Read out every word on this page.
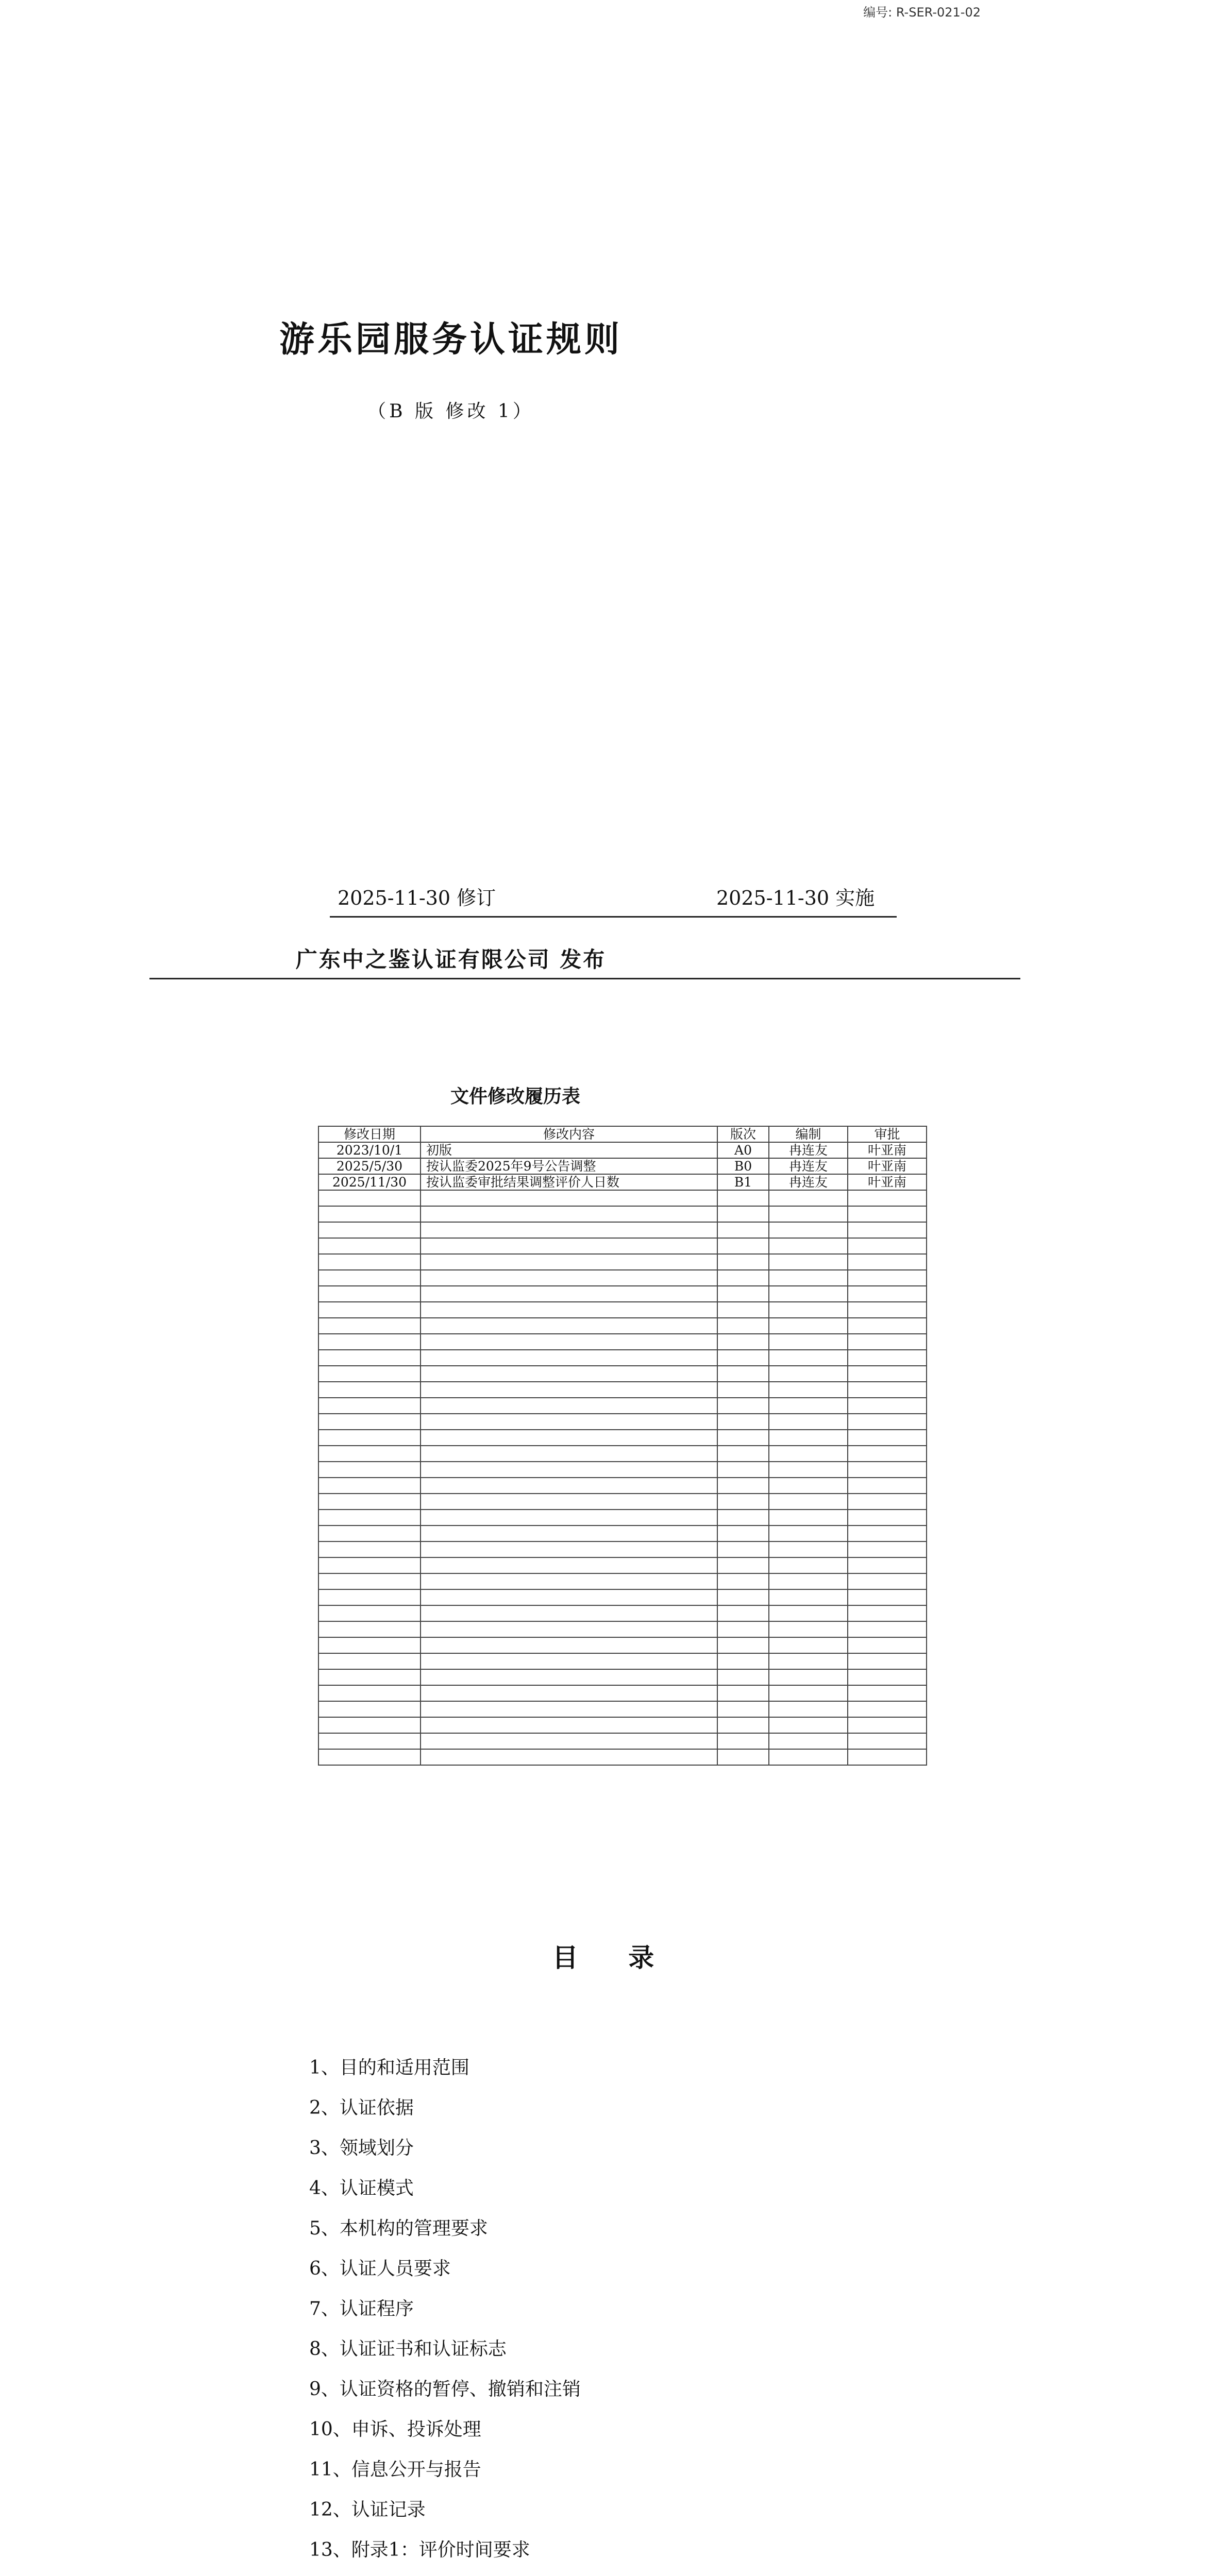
编号: R-SER-021-02
游乐园服务认证规则
（B 版 修改 1）
2025-11-30 修订	2025-11-30 实施
广东中之鉴认证有限公司 发布
文件修改履历表
修改日期	修改内容	版次	编制	审批
2023/10/1	初版	A0	冉连友	叶亚南
2025/5/30	按认监委2025年9号公告调整	B0	冉连友	叶亚南
2025/11/30	按认监委审批结果调整评价人日数	B1	冉连友	叶亚南

目 录
1、目的和适用范围
2、认证依据
3、领域划分
4、认证模式
5、本机构的管理要求
6、认证人员要求
7、认证程序
8、认证证书和认证标志
9、认证资格的暂停、撤销和注销
10、申诉、投诉处理
11、信息公开与报告
12、认证记录
13、附录1：评价时间要求
